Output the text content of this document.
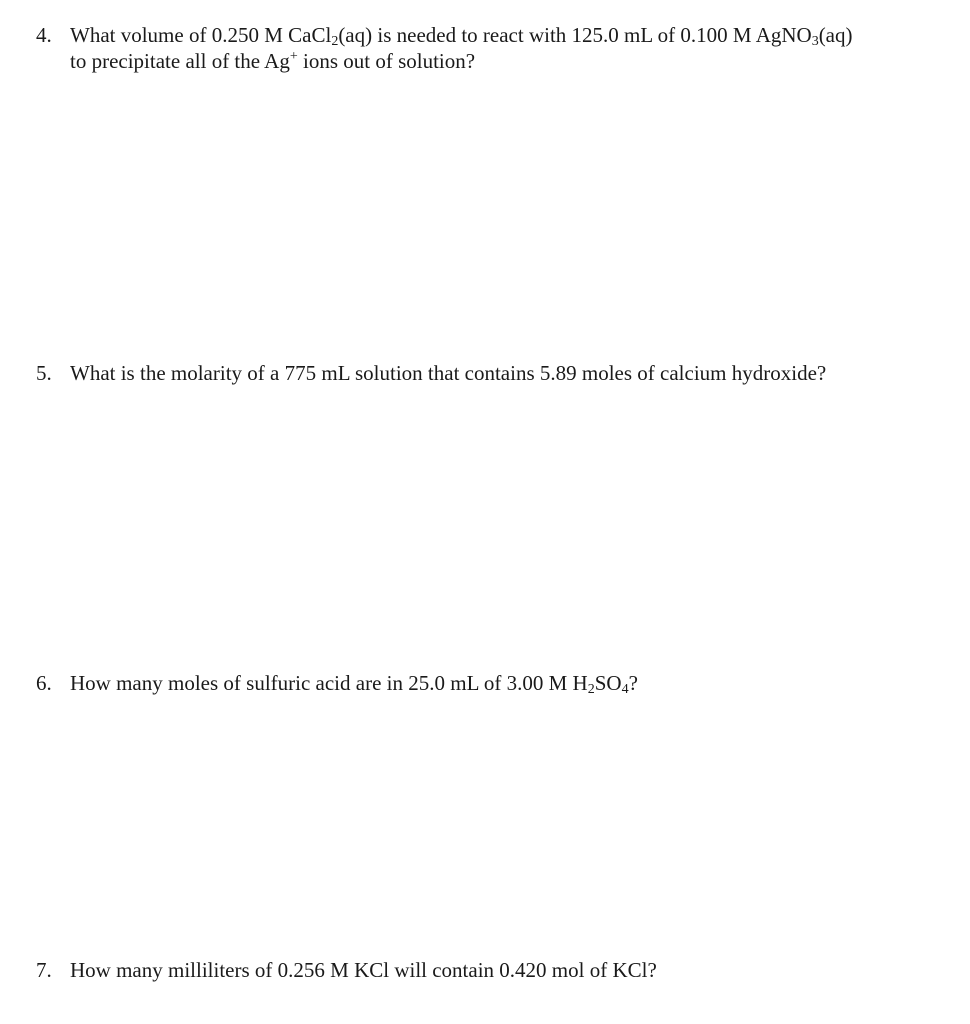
4. What volume of 0.250 M CaCl$_2$(aq) is needed to react with 125.0 mL of 0.100 M AgNO$_3$(aq)
to precipitate all of the Ag+ ions out of solution?
5. What is the molarity of a 775 mL solution that contains 5.89 moles of calcium hydroxide?
6. How many moles of sulfuric acid are in 25.0 mL of 3.00 M $H_2SO_4$?
7. How many milliliters of 0.256 M KCl will contain 0.420 mol of KCl?
